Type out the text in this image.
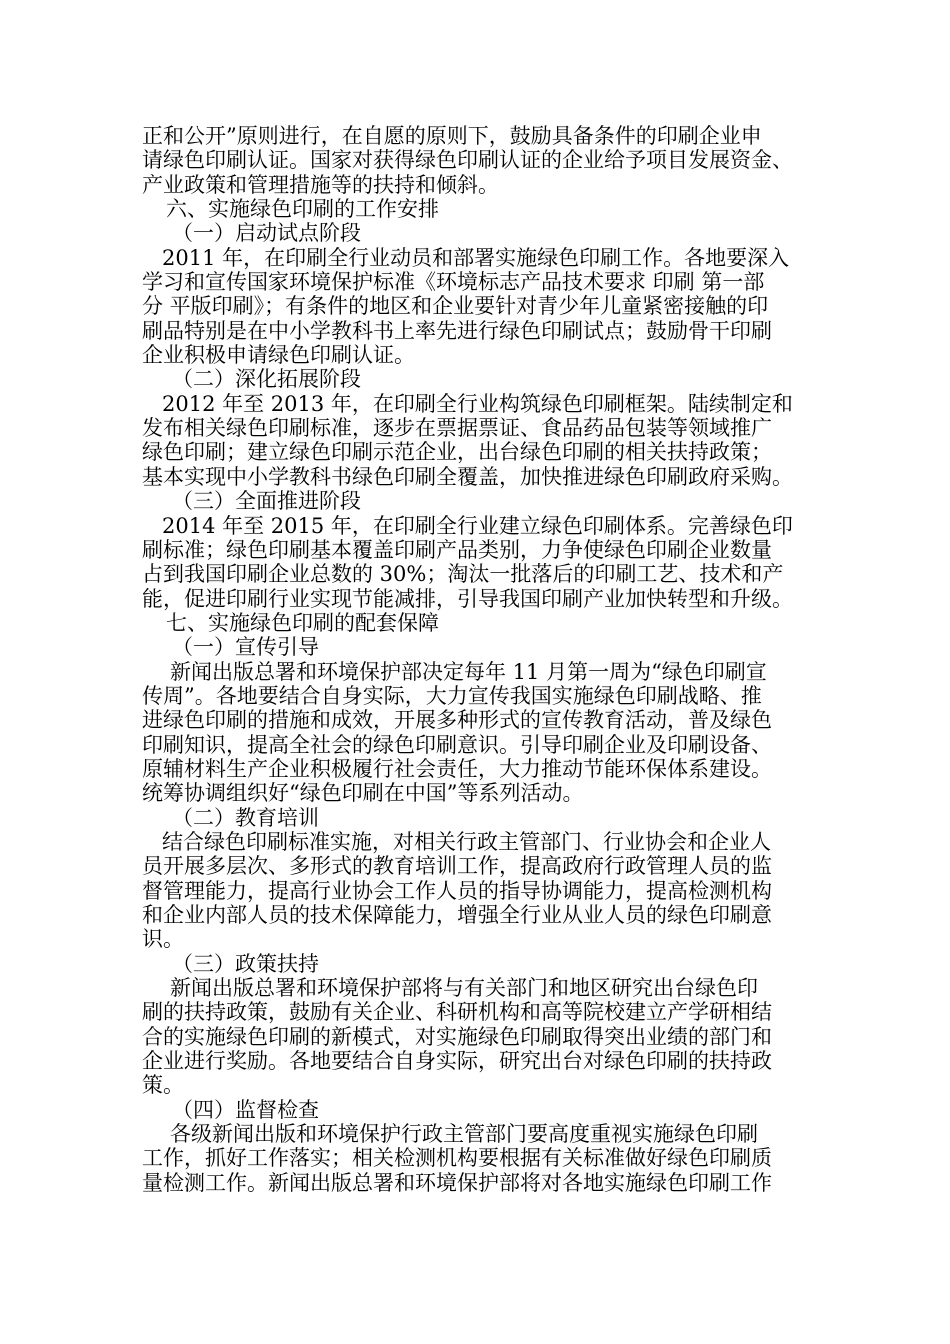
正和公开”原则进行，在自愿的原则下，鼓励具备条件的印刷企业申
请绿色印刷认证。国家对获得绿色印刷认证的企业给予项目发展资金、
产业政策和管理措施等的扶持和倾斜。
六、实施绿色印刷的工作安排
（一）启动试点阶段
2011 年，在印刷全行业动员和部署实施绿色印刷工作。各地要深入
学习和宣传国家环境保护标准《环境标志产品技术要求 印刷 第一部
分 平版印刷》；有条件的地区和企业要针对青少年儿童紧密接触的印
刷品特别是在中小学教科书上率先进行绿色印刷试点；鼓励骨干印刷
企业积极申请绿色印刷认证。
（二）深化拓展阶段
2012 年至 2013 年，在印刷全行业构筑绿色印刷框架。陆续制定和
发布相关绿色印刷标准，逐步在票据票证、食品药品包装等领域推广
绿色印刷；建立绿色印刷示范企业，出台绿色印刷的相关扶持政策；
基本实现中小学教科书绿色印刷全覆盖，加快推进绿色印刷政府采购。
（三）全面推进阶段
2014 年至 2015 年，在印刷全行业建立绿色印刷体系。完善绿色印
刷标准；绿色印刷基本覆盖印刷产品类别，力争使绿色印刷企业数量
占到我国印刷企业总数的 30%；淘汰一批落后的印刷工艺、技术和产
能，促进印刷行业实现节能减排，引导我国印刷产业加快转型和升级。
七、实施绿色印刷的配套保障
（一）宣传引导
新闻出版总署和环境保护部决定每年 11 月第一周为“绿色印刷宣
传周”。各地要结合自身实际，大力宣传我国实施绿色印刷战略、推
进绿色印刷的措施和成效，开展多种形式的宣传教育活动，普及绿色
印刷知识，提高全社会的绿色印刷意识。引导印刷企业及印刷设备、
原辅材料生产企业积极履行社会责任，大力推动节能环保体系建设。
统筹协调组织好“绿色印刷在中国”等系列活动。
（二）教育培训
结合绿色印刷标准实施，对相关行政主管部门、行业协会和企业人
员开展多层次、多形式的教育培训工作，提高政府行政管理人员的监
督管理能力，提高行业协会工作人员的指导协调能力，提高检测机构
和企业内部人员的技术保障能力，增强全行业从业人员的绿色印刷意
识。
（三）政策扶持
新闻出版总署和环境保护部将与有关部门和地区研究出台绿色印
刷的扶持政策，鼓励有关企业、科研机构和高等院校建立产学研相结
合的实施绿色印刷的新模式，对实施绿色印刷取得突出业绩的部门和
企业进行奖励。各地要结合自身实际，研究出台对绿色印刷的扶持政
策。
（四）监督检查
各级新闻出版和环境保护行政主管部门要高度重视实施绿色印刷
工作，抓好工作落实；相关检测机构要根据有关标准做好绿色印刷质
量检测工作。新闻出版总署和环境保护部将对各地实施绿色印刷工作
